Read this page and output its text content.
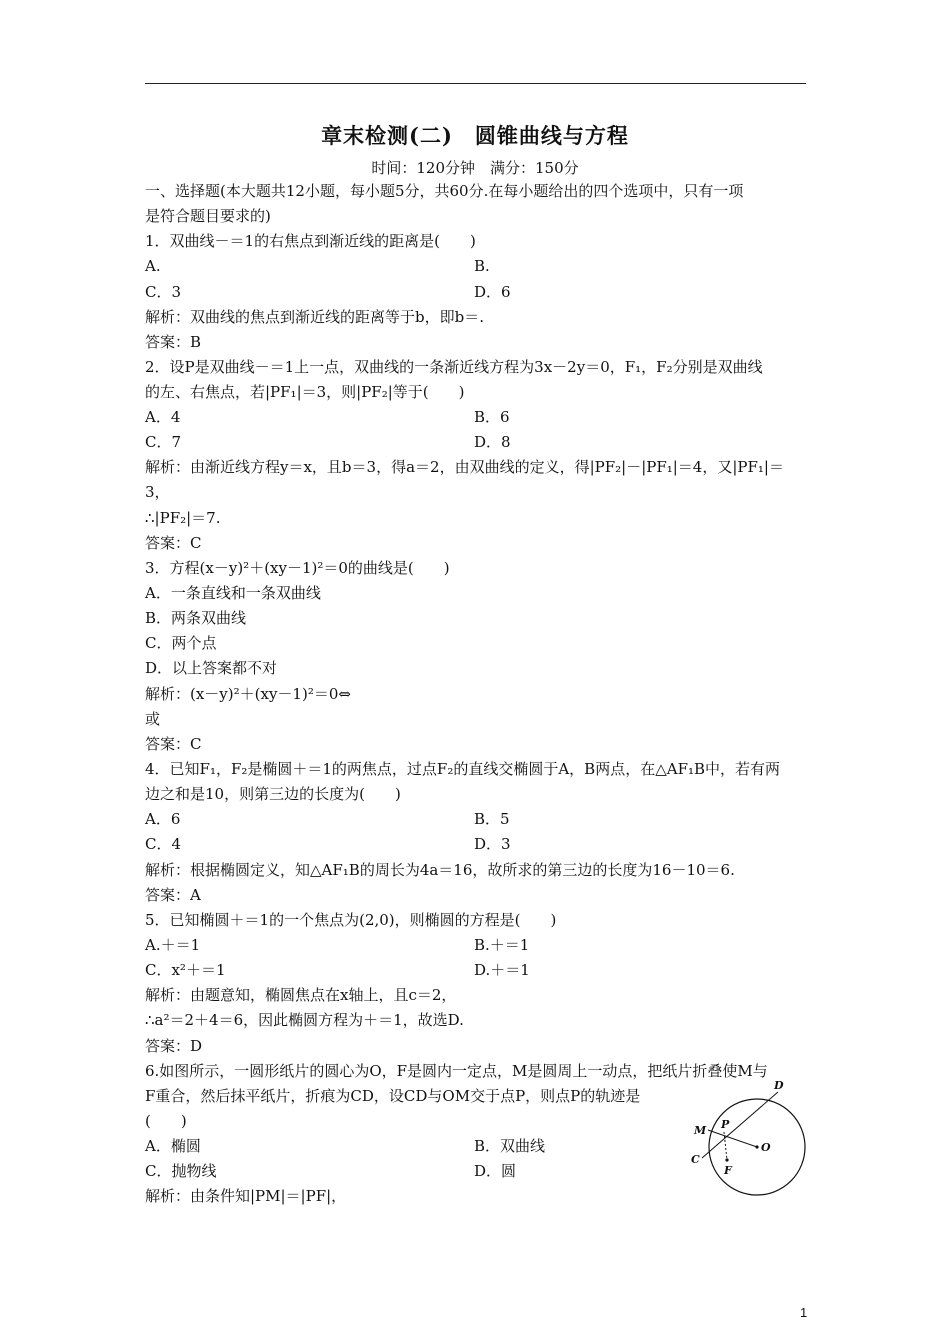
章末检测(二)　圆锥曲线与方程
时间：120分钟　满分：150分
一、选择题(本大题共12小题，每小题5分，共60分.在每小题给出的四个选项中，只有一项
是符合题目要求的)
1．双曲线－＝1的右焦点到渐近线的距离是(　　)
A.	B.
C．3	D．6
解析：双曲线的焦点到渐近线的距离等于b，即b＝.
答案：B
2．设P是双曲线－＝1上一点，双曲线的一条渐近线方程为3x－2y＝0，F₁，F₂分别是双曲线
的左、右焦点，若|PF₁|＝3，则|PF₂|等于(　　)
A．4	B．6
C．7	D．8
解析：由渐近线方程y＝x，且b＝3，得a＝2，由双曲线的定义，得|PF₂|－|PF₁|＝4，又|PF₁|＝
3，
∴|PF₂|＝7.
答案：C
3．方程(x－y)²＋(xy－1)²＝0的曲线是(　　)
A．一条直线和一条双曲线
B．两条双曲线
C．两个点
D．以上答案都不对
解析：(x－y)²＋(xy－1)²＝0⇔
或
答案：C
4．已知F₁，F₂是椭圆＋＝1的两焦点，过点F₂的直线交椭圆于A，B两点，在△AF₁B中，若有两
边之和是10，则第三边的长度为(　　)
A．6	B．5
C．4	D．3
解析：根据椭圆定义，知△AF₁B的周长为4a＝16，故所求的第三边的长度为16－10＝6.
答案：A
5．已知椭圆＋＝1的一个焦点为(2,0)，则椭圆的方程是(　　)
A.＋＝1	B.＋＝1
C．x²＋＝1	D.＋＝1
解析：由题意知，椭圆焦点在x轴上，且c＝2，
∴a²＝2＋4＝6，因此椭圆方程为＋＝1，故选D.
答案：D
6.如图所示，一圆形纸片的圆心为O，F是圆内一定点，M是圆周上一动点，把纸片折叠使M与
F重合，然后抹平纸片，折痕为CD，设CD与OM交于点P，则点P的轨迹是
(　　)
A．椭圆	B．双曲线
C．抛物线	D．圆
解析：由条件知|PM|＝|PF|，
D
M P
O
C
F
1
